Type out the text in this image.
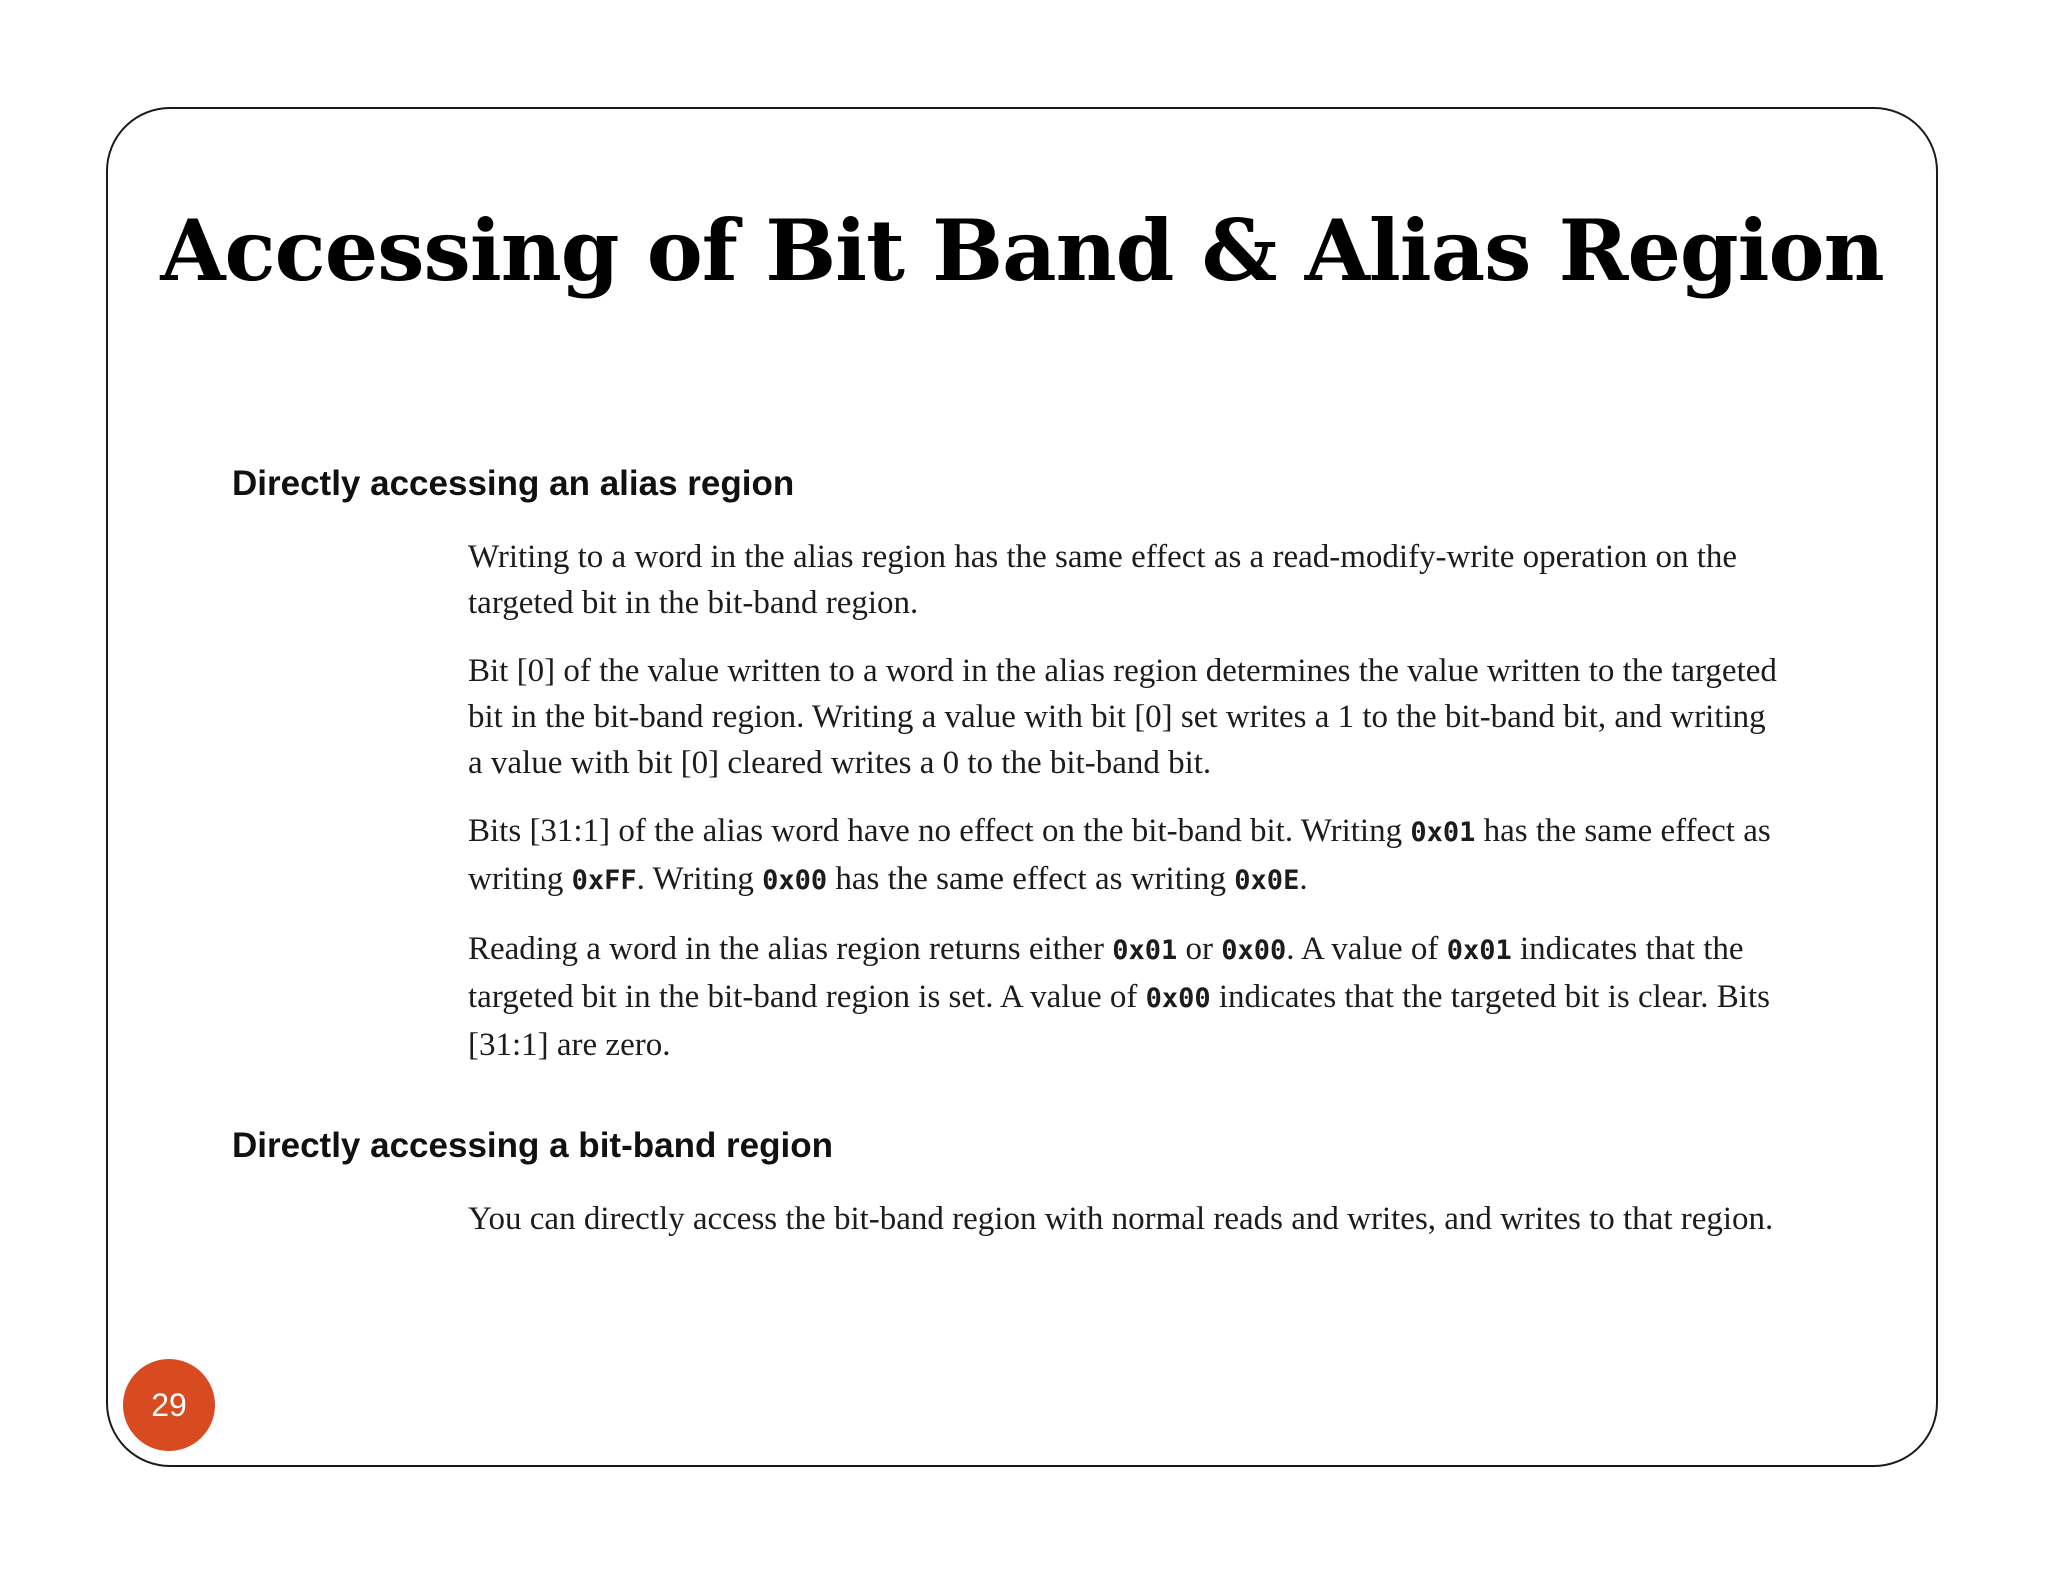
Accessing of Bit Band & Alias Region
Directly accessing an alias region

Writing to a word in the alias region has the same effect as a read-modify-write operation on the targeted bit in the bit-band region.

Bit [0] of the value written to a word in the alias region determines the value written to the targeted bit in the bit-band region. Writing a value with bit [0] set writes a 1 to the bit-band bit, and writing a value with bit [0] cleared writes a 0 to the bit-band bit.

Bits [31:1] of the alias word have no effect on the bit-band bit. Writing 0x01 has the same effect as writing 0xFF. Writing 0x00 has the same effect as writing 0x0E.

Reading a word in the alias region returns either 0x01 or 0x00. A value of 0x01 indicates that the targeted bit in the bit-band region is set. A value of 0x00 indicates that the targeted bit is clear. Bits [31:1] are zero.

Directly accessing a bit-band region

You can directly access the bit-band region with normal reads and writes, and writes to that region.

29
